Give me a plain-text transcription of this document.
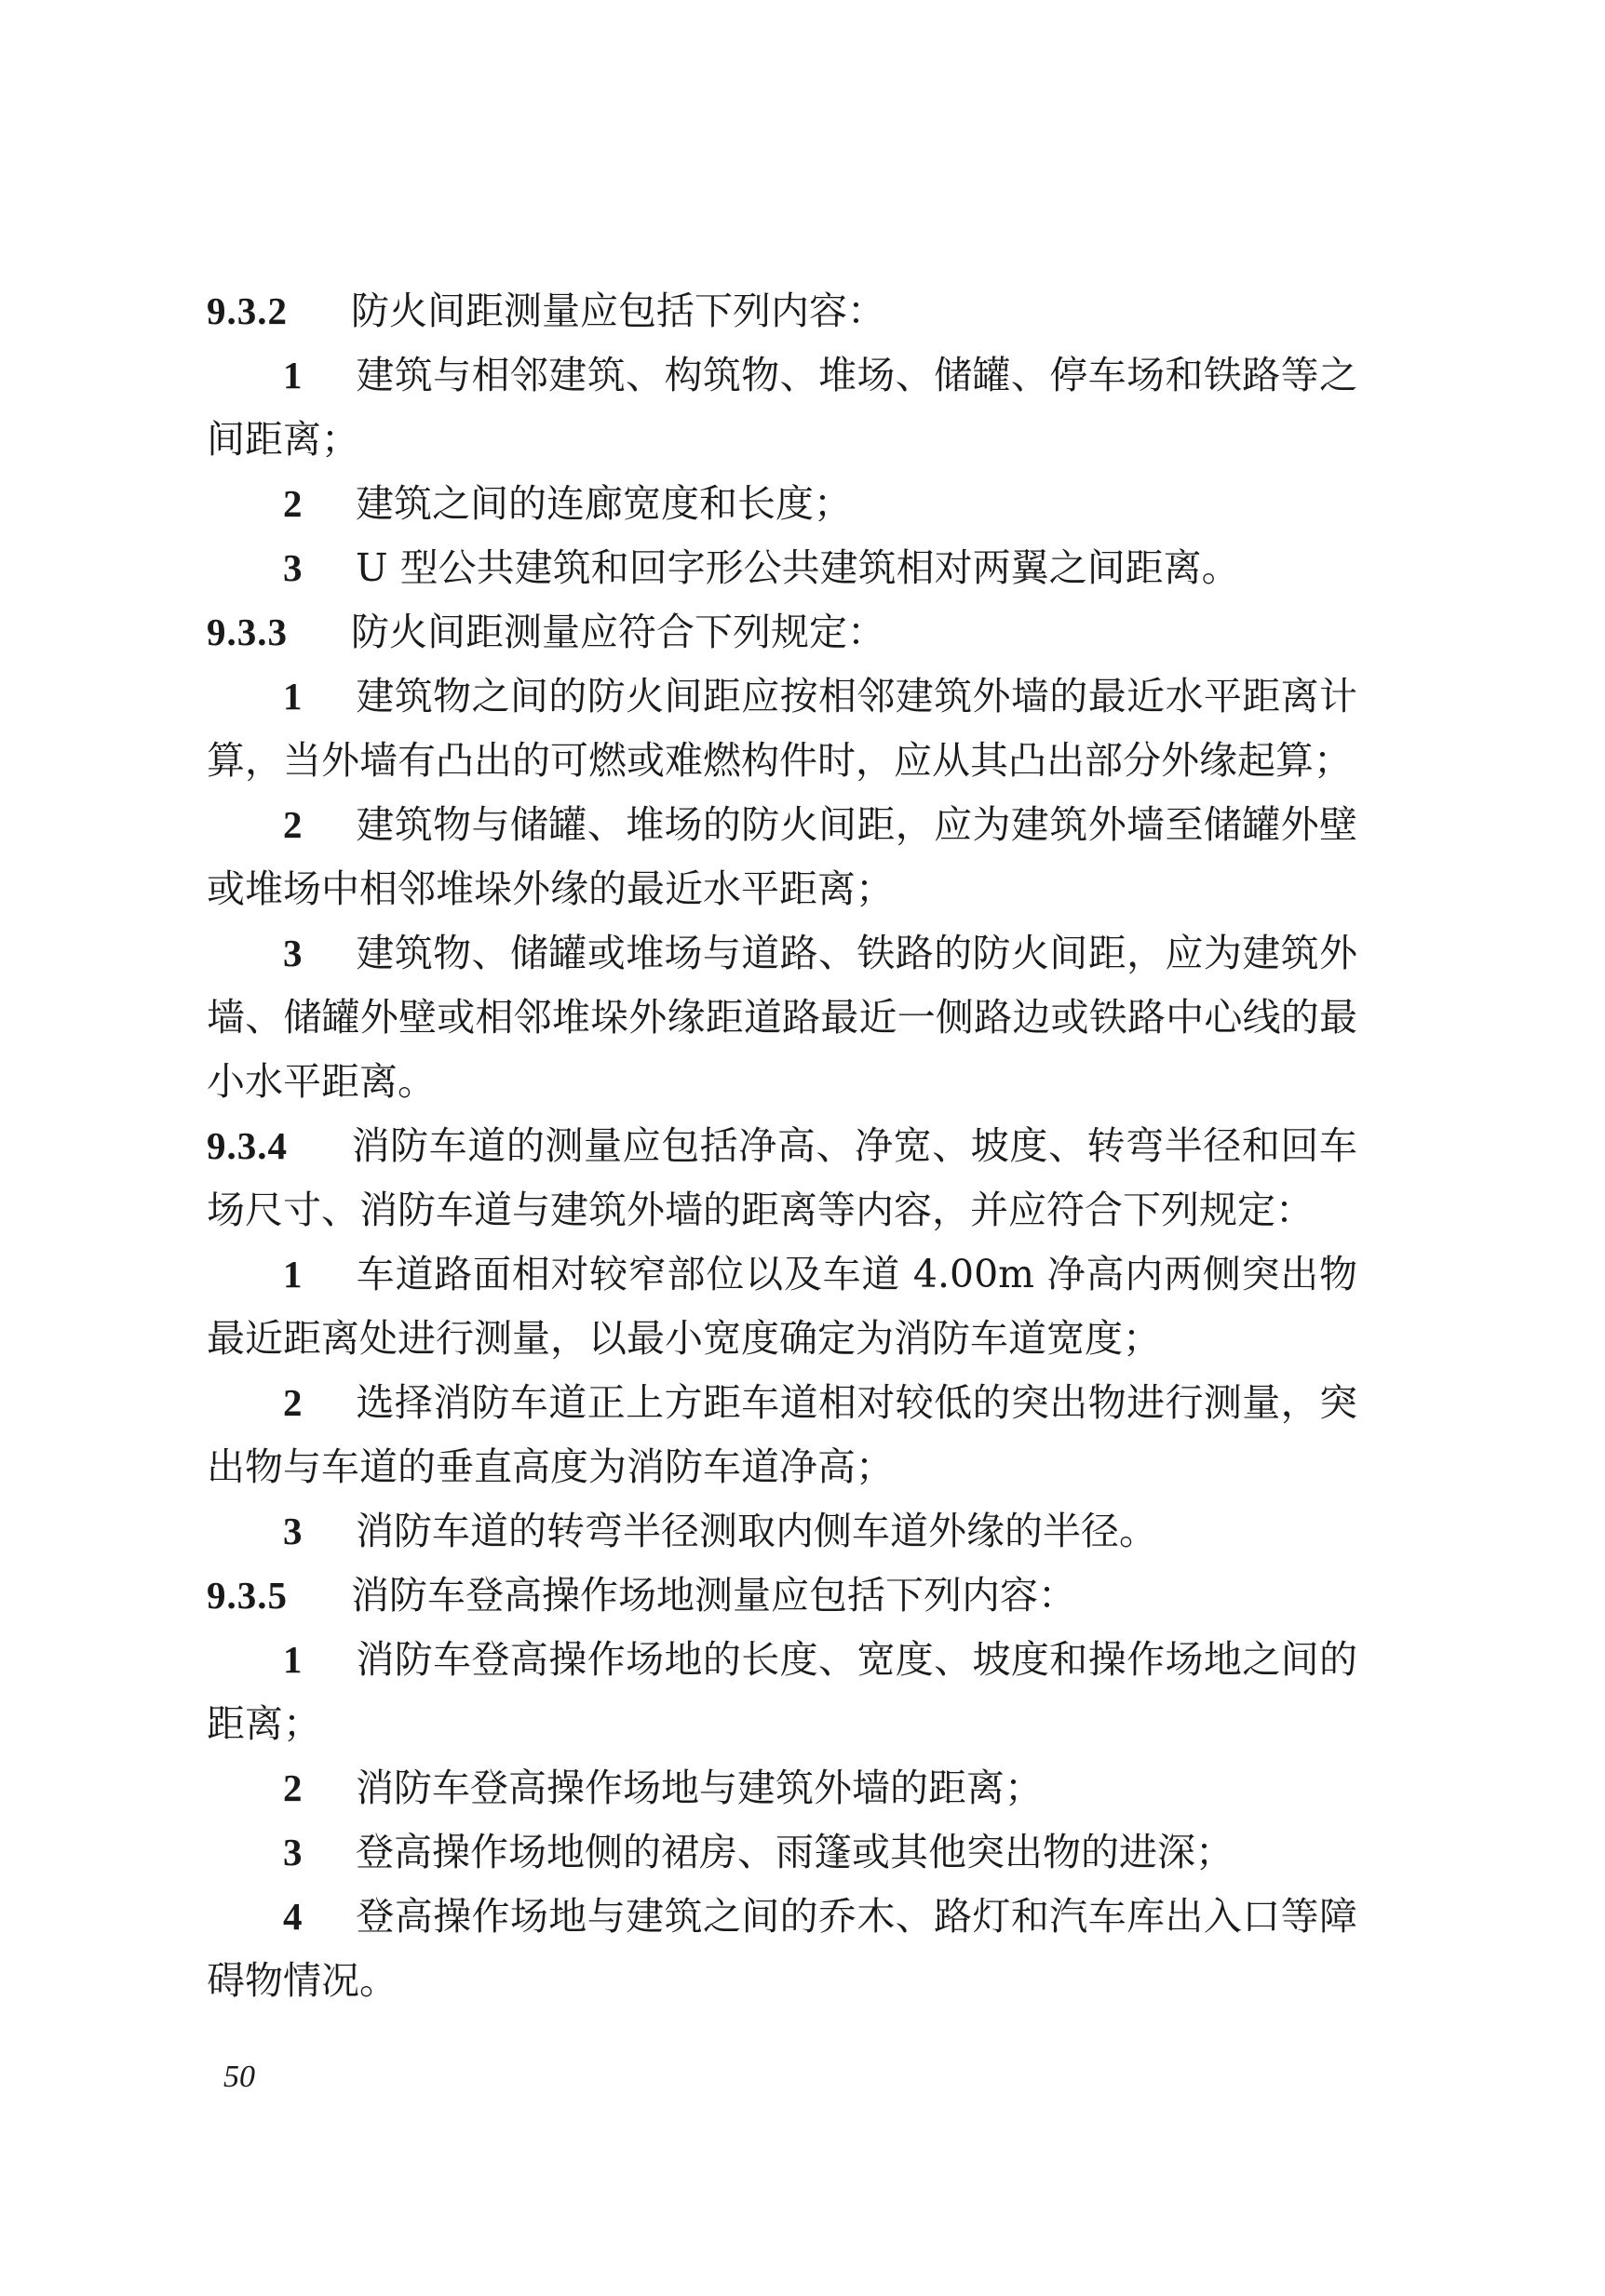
9.3.2 防火间距测量应包括下列内容：

1 建筑与相邻建筑、构筑物、堆场、储罐、停车场和铁路等之间距离；

2 建筑之间的连廊宽度和长度；

3 U 型公共建筑和回字形公共建筑相对两翼之间距离。

9.3.3 防火间距测量应符合下列规定：

1 建筑物之间的防火间距应按相邻建筑外墙的最近水平距离计算，当外墙有凸出的可燃或难燃构件时，应从其凸出部分外缘起算；

2 建筑物与储罐、堆场的防火间距，应为建筑外墙至储罐外壁或堆场中相邻堆垛外缘的最近水平距离；

3 建筑物、储罐或堆场与道路、铁路的防火间距，应为建筑外墙、储罐外壁或相邻堆垛外缘距道路最近一侧路边或铁路中心线的最小水平距离。

9.3.4 消防车道的测量应包括净高、净宽、坡度、转弯半径和回车场尺寸、消防车道与建筑外墙的距离等内容，并应符合下列规定：

1 车道路面相对较窄部位以及车道 4.00m 净高内两侧突出物最近距离处进行测量，以最小宽度确定为消防车道宽度；

2 选择消防车道正上方距车道相对较低的突出物进行测量，突出物与车道的垂直高度为消防车道净高；

3 消防车道的转弯半径测取内侧车道外缘的半径。

9.3.5 消防车登高操作场地测量应包括下列内容：

1 消防车登高操作场地的长度、宽度、坡度和操作场地之间的距离；

2 消防车登高操作场地与建筑外墙的距离；

3 登高操作场地侧的裙房、雨篷或其他突出物的进深；

4 登高操作场地与建筑之间的乔木、路灯和汽车库出入口等障碍物情况。

50
